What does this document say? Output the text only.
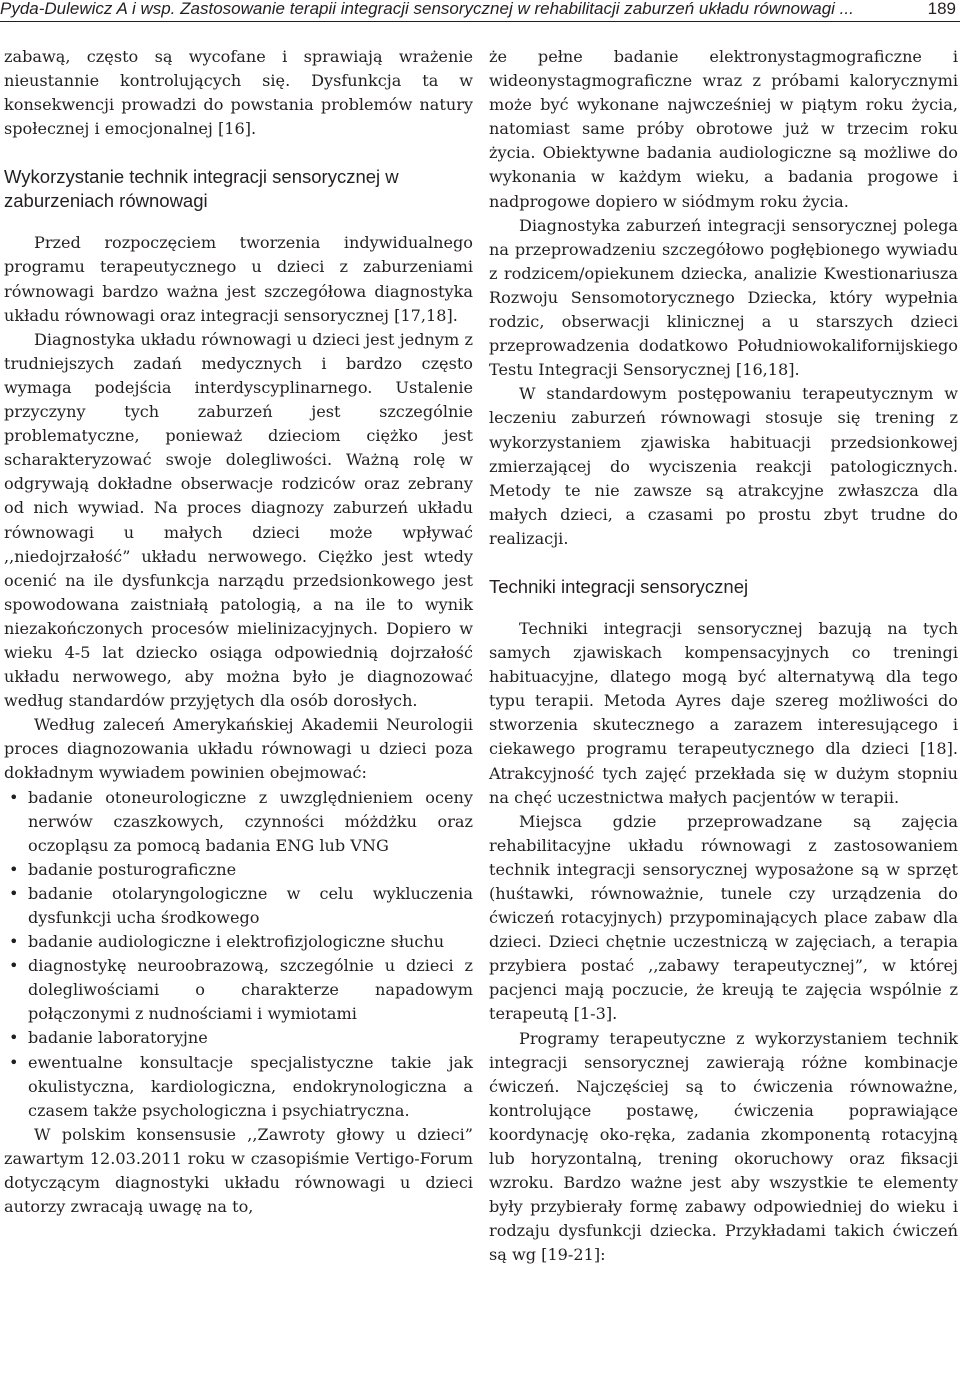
Pyda-Dulewicz A i wsp. Zastosowanie terapii integracji sensorycznej w rehabilitacji zaburzeń układu równowagi ...	189

zabawą, często są wycofane i sprawiają wrażenie nieustannie kontrolujących się. Dysfunkcja ta w konsekwencji prowadzi do powstania problemów natury społecznej i emocjonalnej [16].

Wykorzystanie technik integracji sensorycznej w zaburzeniach równowagi

Przed rozpoczęciem tworzenia indywidualnego programu terapeutycznego u dzieci z zaburzeniami równowagi bardzo ważna jest szczegółowa diagnostyka układu równowagi oraz integracji sensorycznej [17,18].

Diagnostyka układu równowagi u dzieci jest jednym z trudniejszych zadań medycznych i bardzo często wymaga podejścia interdyscyplinarnego. Ustalenie przyczyny tych zaburzeń jest szczególnie problematyczne, ponieważ dzieciom ciężko jest scharakteryzować swoje dolegliwości. Ważną rolę w odgrywają dokładne obserwacje rodziców oraz zebrany od nich wywiad. Na proces diagnozy zaburzeń układu równowagi u małych dzieci może wpływać ,,niedojrzałość” układu nerwowego. Ciężko jest wtedy ocenić na ile dysfunkcja narządu przedsionkowego jest spowodowana zaistniałą patologią, a na ile to wynik niezakończonych procesów mielinizacyjnych. Dopiero w wieku 4-5 lat dziecko osiąga odpowiednią dojrzałość układu nerwowego, aby można było je diagnozować według standardów przyjętych dla osób dorosłych.

Według zaleceń Amerykańskiej Akademii Neurologii proces diagnozowania układu równowagi u dzieci poza dokładnym wywiadem powinien obejmować:

• badanie otoneurologiczne z uwzględnieniem oceny nerwów czaszkowych, czynności móżdżku oraz oczopląsu za pomocą badania ENG lub VNG
• badanie posturograficzne
• badanie otolaryngologiczne w celu wykluczenia dysfunkcji ucha środkowego
• badanie audiologiczne i elektrofizjologiczne słuchu
• diagnostykę neuroobrazową, szczególnie u dzieci z dolegliwościami o charakterze napadowym połączonymi z nudnościami i wymiotami
• badanie laboratoryjne
• ewentualne konsultacje specjalistyczne takie jak okulistyczna, kardiologiczna, endokrynologiczna a czasem także psychologiczna i psychiatryczna.

W polskim konsensusie ,,Zawroty głowy u dzieci” zawartym 12.03.2011 roku w czasopiśmie Vertigo-Forum dotyczącym diagnostyki układu równowagi u dzieci autorzy zwracają uwagę na to,

że pełne badanie elektronystagmograficzne i wideonystagmograficzne wraz z próbami kalorycznymi może być wykonane najwcześniej w piątym roku życia, natomiast same próby obrotowe już w trzecim roku życia. Obiektywne badania audiologiczne są możliwe do wykonania w każdym wieku, a badania progowe i nadprogowe dopiero w siódmym roku życia.

Diagnostyka zaburzeń integracji sensorycznej polega na przeprowadzeniu szczegółowo pogłębionego wywiadu z rodzicem/opiekunem dziecka, analizie Kwestionariusza Rozwoju Sensomotorycznego Dziecka, który wypełnia rodzic, obserwacji klinicznej a u starszych dzieci przeprowadzenia dodatkowo Południowokalifornijskiego Testu Integracji Sensorycznej [16,18].

W standardowym postępowaniu terapeutycznym w leczeniu zaburzeń równowagi stosuje się trening z wykorzystaniem zjawiska habituacji przedsionkowej zmierzającej do wyciszenia reakcji patologicznych. Metody te nie zawsze są atrakcyjne zwłaszcza dla małych dzieci, a czasami po prostu zbyt trudne do realizacji.

Techniki integracji sensorycznej

Techniki integracji sensorycznej bazują na tych samych zjawiskach kompensacyjnych co treningi habituacyjne, dlatego mogą być alternatywą dla tego typu terapii. Metoda Ayres daje szereg możliwości do stworzenia skutecznego a zarazem interesującego i ciekawego programu terapeutycznego dla dzieci [18]. Atrakcyjność tych zajęć przekłada się w dużym stopniu na chęć uczestnictwa małych pacjentów w terapii.

Miejsca gdzie przeprowadzane są zajęcia rehabilitacyjne układu równowagi z zastosowaniem technik integracji sensorycznej wyposażone są w sprzęt (huśtawki, równoważnie, tunele czy urządzenia do ćwiczeń rotacyjnych) przypominających place zabaw dla dzieci. Dzieci chętnie uczestniczą w zajęciach, a terapia przybiera postać ,,zabawy terapeutycznej”, w której pacjenci mają poczucie, że kreują te zajęcia wspólnie z terapeutą [1-3].

Programy terapeutyczne z wykorzystaniem technik integracji sensorycznej zawierają różne kombinacje ćwiczeń. Najczęściej są to ćwiczenia równoważne, kontrolujące postawę, ćwiczenia poprawiające koordynację oko-ręka, zadania zkomponentą rotacyjną lub horyzontalną, trening okoruchowy oraz fiksacji wzroku. Bardzo ważne jest aby wszystkie te elementy były przybierały formę zabawy odpowiedniej do wieku i rodzaju dysfunkcji dziecka. Przykładami takich ćwiczeń są wg [19-21]:
